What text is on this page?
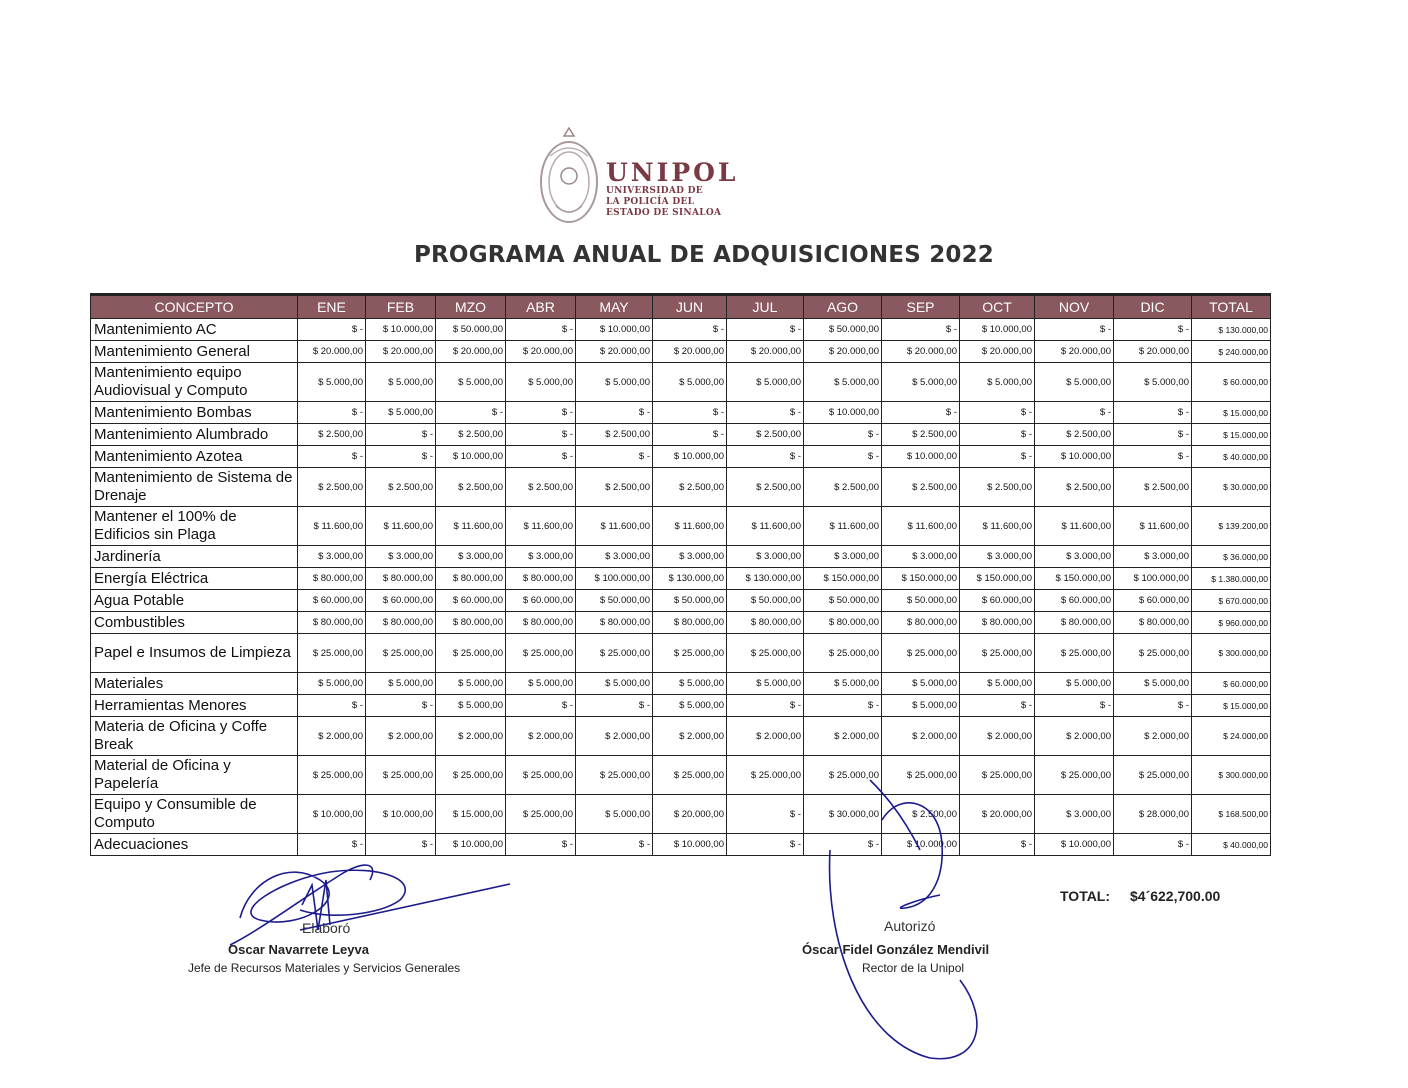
UNIPOL
UNIVERSIDAD DE
LA POLICÍA DEL
ESTADO DE SINALOA
PROGRAMA ANUAL DE ADQUISICIONES 2022
CONCEPTO	ENE	FEB	MZO	ABR	MAY	JUN	JUL	AGO	SEP	OCT	NOV	DIC	TOTAL
Mantenimiento AC	$ -	$ 10.000,00	$ 50.000,00	$ -	$ 10.000,00	$ -	$ -	$ 50.000,00	$ -	$ 10.000,00	$ -	$ -	$ 130.000,00
Mantenimiento General	$ 20.000,00	$ 20.000,00	$ 20.000,00	$ 20.000,00	$ 20.000,00	$ 20.000,00	$ 20.000,00	$ 20.000,00	$ 20.000,00	$ 20.000,00	$ 20.000,00	$ 20.000,00	$ 240.000,00
Mantenimiento equipo Audiovisual y Computo	$ 5.000,00	$ 5.000,00	$ 5.000,00	$ 5.000,00	$ 5.000,00	$ 5.000,00	$ 5.000,00	$ 5.000,00	$ 5.000,00	$ 5.000,00	$ 5.000,00	$ 5.000,00	$ 60.000,00
Mantenimiento Bombas	$ -	$ 5.000,00	$ -	$ -	$ -	$ -	$ -	$ 10.000,00	$ -	$ -	$ -	$ -	$ 15.000,00
Mantenimiento Alumbrado	$ 2.500,00	$ -	$ 2.500,00	$ -	$ 2.500,00	$ -	$ 2.500,00	$ -	$ 2.500,00	$ -	$ 2.500,00	$ -	$ 15.000,00
Mantenimiento Azotea	$ -	$ -	$ 10.000,00	$ -	$ -	$ 10.000,00	$ -	$ -	$ 10.000,00	$ -	$ 10.000,00	$ -	$ 40.000,00
Mantenimiento de Sistema de Drenaje	$ 2.500,00	$ 2.500,00	$ 2.500,00	$ 2.500,00	$ 2.500,00	$ 2.500,00	$ 2.500,00	$ 2.500,00	$ 2.500,00	$ 2.500,00	$ 2.500,00	$ 2.500,00	$ 30.000,00
Mantener el 100% de Edificios sin Plaga	$ 11.600,00	$ 11.600,00	$ 11.600,00	$ 11.600,00	$ 11.600,00	$ 11.600,00	$ 11.600,00	$ 11.600,00	$ 11.600,00	$ 11.600,00	$ 11.600,00	$ 11.600,00	$ 139.200,00
Jardinería	$ 3.000,00	$ 3.000,00	$ 3.000,00	$ 3.000,00	$ 3.000,00	$ 3.000,00	$ 3.000,00	$ 3.000,00	$ 3.000,00	$ 3.000,00	$ 3.000,00	$ 3.000,00	$ 36.000,00
Energía Eléctrica	$ 80.000,00	$ 80.000,00	$ 80.000,00	$ 80.000,00	$ 100.000,00	$ 130.000,00	$ 130.000,00	$ 150.000,00	$ 150.000,00	$ 150.000,00	$ 150.000,00	$ 100.000,00	$ 1.380.000,00
Agua Potable	$ 60.000,00	$ 60.000,00	$ 60.000,00	$ 60.000,00	$ 50.000,00	$ 50.000,00	$ 50.000,00	$ 50.000,00	$ 50.000,00	$ 60.000,00	$ 60.000,00	$ 60.000,00	$ 670.000,00
Combustibles	$ 80.000,00	$ 80.000,00	$ 80.000,00	$ 80.000,00	$ 80.000,00	$ 80.000,00	$ 80.000,00	$ 80.000,00	$ 80.000,00	$ 80.000,00	$ 80.000,00	$ 80.000,00	$ 960.000,00
Papel e Insumos de Limpieza	$ 25.000,00	$ 25.000,00	$ 25.000,00	$ 25.000,00	$ 25.000,00	$ 25.000,00	$ 25.000,00	$ 25.000,00	$ 25.000,00	$ 25.000,00	$ 25.000,00	$ 25.000,00	$ 300.000,00
Materiales	$ 5.000,00	$ 5.000,00	$ 5.000,00	$ 5.000,00	$ 5.000,00	$ 5.000,00	$ 5.000,00	$ 5.000,00	$ 5.000,00	$ 5.000,00	$ 5.000,00	$ 5.000,00	$ 60.000,00
Herramientas Menores	$ -	$ -	$ 5.000,00	$ -	$ -	$ 5.000,00	$ -	$ -	$ 5.000,00	$ -	$ -	$ -	$ 15.000,00
Materia de Oficina y Coffe Break	$ 2.000,00	$ 2.000,00	$ 2.000,00	$ 2.000,00	$ 2.000,00	$ 2.000,00	$ 2.000,00	$ 2.000,00	$ 2.000,00	$ 2.000,00	$ 2.000,00	$ 2.000,00	$ 24.000,00
Material de Oficina y Papelería	$ 25.000,00	$ 25.000,00	$ 25.000,00	$ 25.000,00	$ 25.000,00	$ 25.000,00	$ 25.000,00	$ 25.000,00	$ 25.000,00	$ 25.000,00	$ 25.000,00	$ 25.000,00	$ 300.000,00
Equipo y Consumible de Computo	$ 10.000,00	$ 10.000,00	$ 15.000,00	$ 25.000,00	$ 5.000,00	$ 20.000,00	$ -	$ 30.000,00	$ 2.500,00	$ 20.000,00	$ 3.000,00	$ 28.000,00	$ 168.500,00
Adecuaciones	$ -	$ -	$ 10.000,00	$ -	$ -	$ 10.000,00	$ -	$ -	$ 10.000,00	$ -	$ 10.000,00	$ -	$ 40.000,00
TOTAL: $4´622,700.00
Elaboró
Óscar Navarrete Leyva
Jefe de Recursos Materiales y Servicios Generales
Autorizó
Óscar Fidel González Mendivil
Rector de la Unipol
